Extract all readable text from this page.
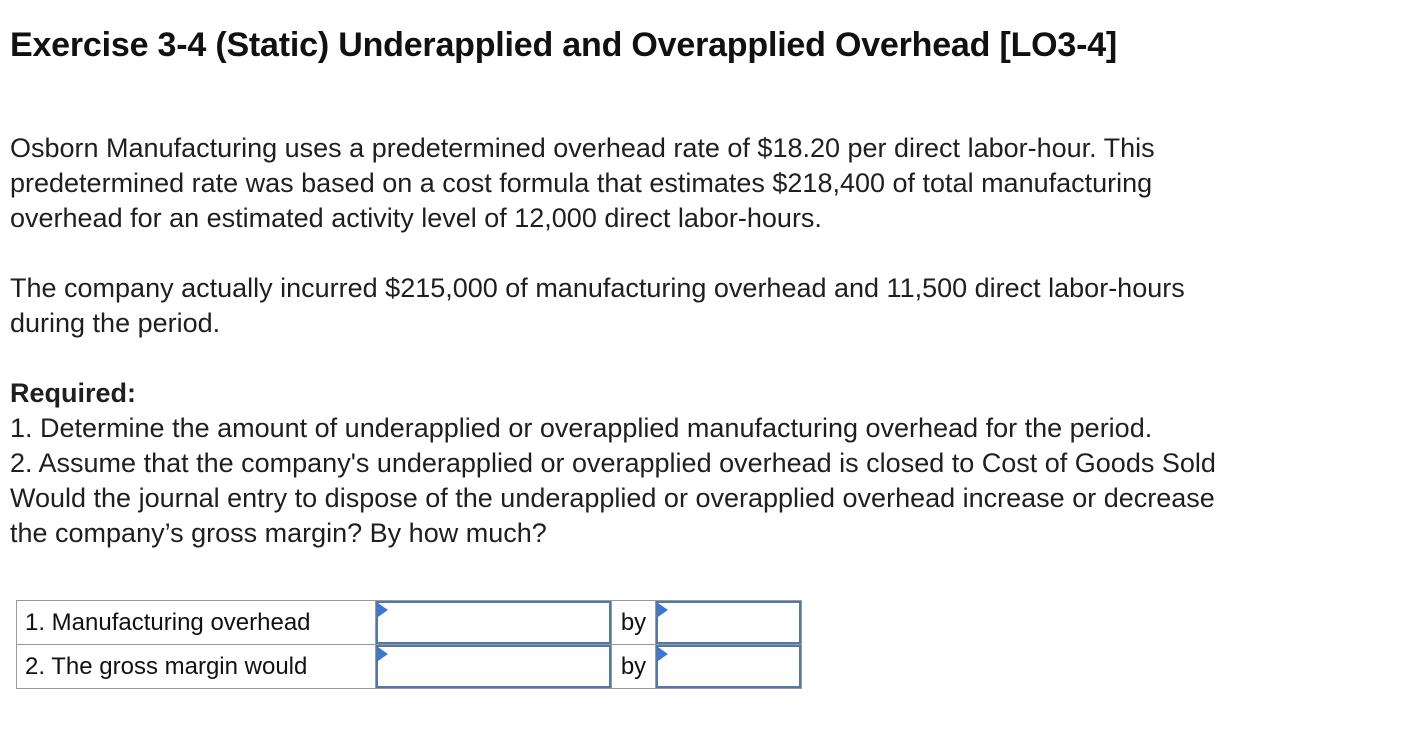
Exercise 3-4 (Static) Underapplied and Overapplied Overhead [LO3-4]

Osborn Manufacturing uses a predetermined overhead rate of $18.20 per direct labor-hour. This
predetermined rate was based on a cost formula that estimates $218,400 of total manufacturing
overhead for an estimated activity level of 12,000 direct labor-hours.

The company actually incurred $215,000 of manufacturing overhead and 11,500 direct labor-hours
during the period.

Required:
1. Determine the amount of underapplied or overapplied manufacturing overhead for the period.
2. Assume that the company's underapplied or overapplied overhead is closed to Cost of Goods Sold
Would the journal entry to dispose of the underapplied or overapplied overhead increase or decrease
the company’s gross margin? By how much?

1. Manufacturing overhead		by	

2. The gross margin would		by	
